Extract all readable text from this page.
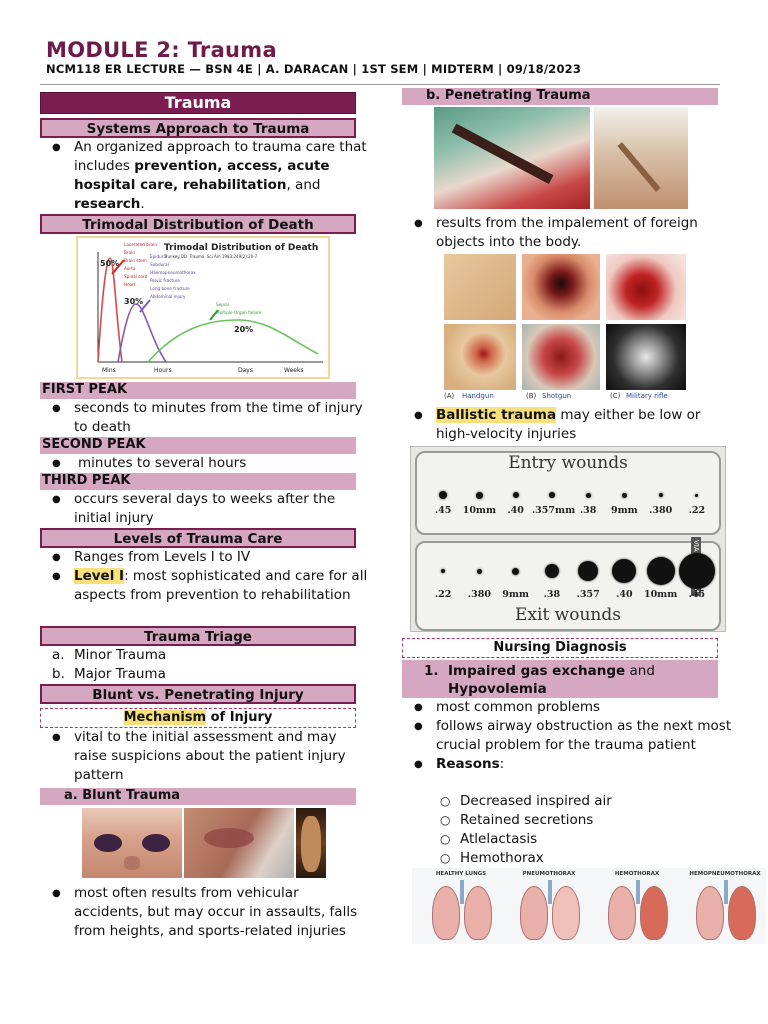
MODULE 2: Trauma
NCM118 ER LECTURE — BSN 4E | A. DARACAN | 1ST SEM | MIDTERM | 09/18/2023
Trauma
Systems Approach to Trauma
● An organized approach to trauma care that includes prevention, access, acute hospital care, rehabilitation, and research.
Trimodal Distribution of Death
Trimodal Distribution of Death
Trunkey DD. Trauma. Sci Am 1983;249(2):20-7.
50%
30%
20%
Lacerated brain
Brain
Brain stem
Aorta
Spinal cord
Heart
Epidural
Subdural
Haemopneumothorax
Pelvic fracture
Long bone fracture
Abdominal injury
Sepsis
Multiple Organ failure
Mins	Hours	Days	Weeks
FIRST PEAK
● seconds to minutes from the time of injury to death
SECOND PEAK
● minutes to several hours
THIRD PEAK
● occurs several days to weeks after the initial injury
Levels of Trauma Care
● Ranges from Levels I to IV
● Level I: most sophisticated and care for all aspects from prevention to rehabilitation
Trauma Triage
a. Minor Trauma
b. Major Trauma
Blunt vs. Penetrating Injury
Mechanism of Injury
● vital to the initial assessment and may raise suspicions about the patient injury pattern
a. Blunt Trauma
● most often results from vehicular accidents, but may occur in assaults, falls from heights, and sports-related injuries
b. Penetrating Trauma
● results from the impalement of foreign objects into the body.
(A) Handgun	(B) Shotgun	(C) Military rifle
● Ballistic trauma may either be low or high-velocity injuries
Entry wounds
Exit wounds
.45	10mm	.40 .357mm .38	9mm	.380	.22
.22	.380	9mm	.38	.357	.40	10mm	.45
Nursing Diagnosis
1. Impaired gas exchange and
Hypovolemia
● most common problems
● follows airway obstruction as the next most crucial problem for the trauma patient
● Reasons:
○ Decreased inspired air
○ Retained secretions
○ Atlelactasis
○ Hemothorax
HEALTHY LUNGS	PNEUMOTHORAX	HEMOTHORAX	HEMOPNEUMOTHORAX
